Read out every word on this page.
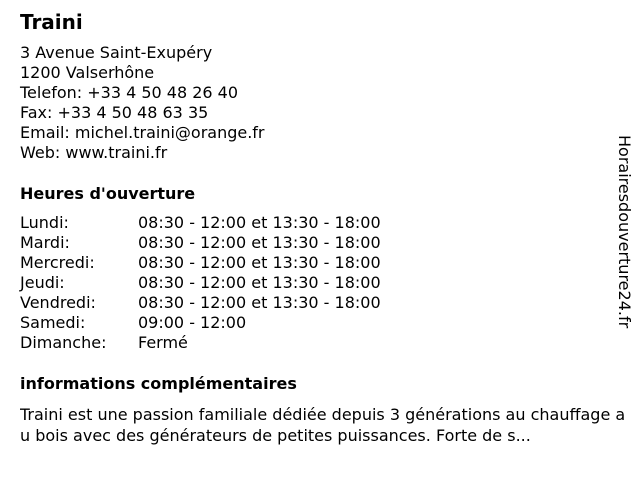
Traini
3 Avenue Saint-Exupéry
1200 Valserhône
Telefon: +33 4 50 48 26 40
Fax: +33 4 50 48 63 35
Email: michel.traini@orange.fr
Web: www.traini.fr
Heures d'ouverture
Lundi:	08:30 - 12:00 et 13:30 - 18:00
Mardi:	08:30 - 12:00 et 13:30 - 18:00
Mercredi:	08:30 - 12:00 et 13:30 - 18:00
Jeudi:	08:30 - 12:00 et 13:30 - 18:00
Vendredi:	08:30 - 12:00 et 13:30 - 18:00
Samedi:	09:00 - 12:00
Dimanche:	Fermé
informations complémentaires
Traini est une passion familiale dédiée depuis 3 générations au chauffage au bois avec des générateurs de petites puissances. Forte de s...
Horairesdouverture24.fr
